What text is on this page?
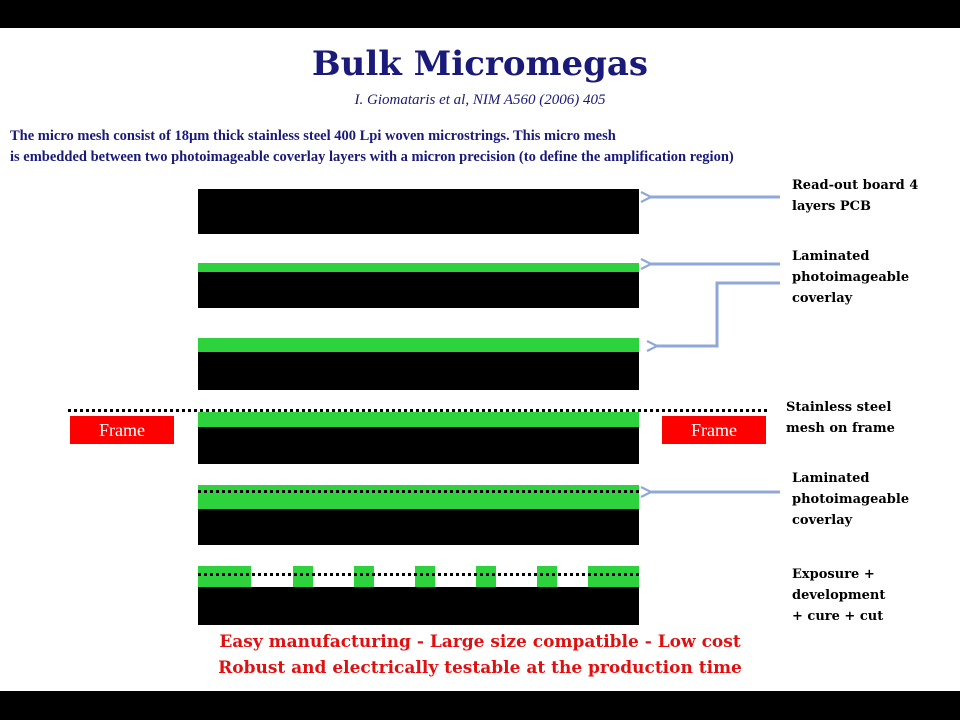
Bulk Micromegas
I. Giomataris et al, NIM A560 (2006) 405
The micro mesh consist of 18µm thick stainless steel 400 Lpi woven microstrings. This micro mesh
is embedded between two photoimageable coverlay layers with a micron precision (to define the amplification region)
Frame	Frame
Read-out board 4
layers PCB
Laminated
photoimageable
coverlay
Stainless steel
mesh on frame
Laminated
photoimageable
coverlay
Exposure +
development
+ cure + cut
Easy manufacturing - Large size compatible - Low cost
Robust and electrically testable at the production time
